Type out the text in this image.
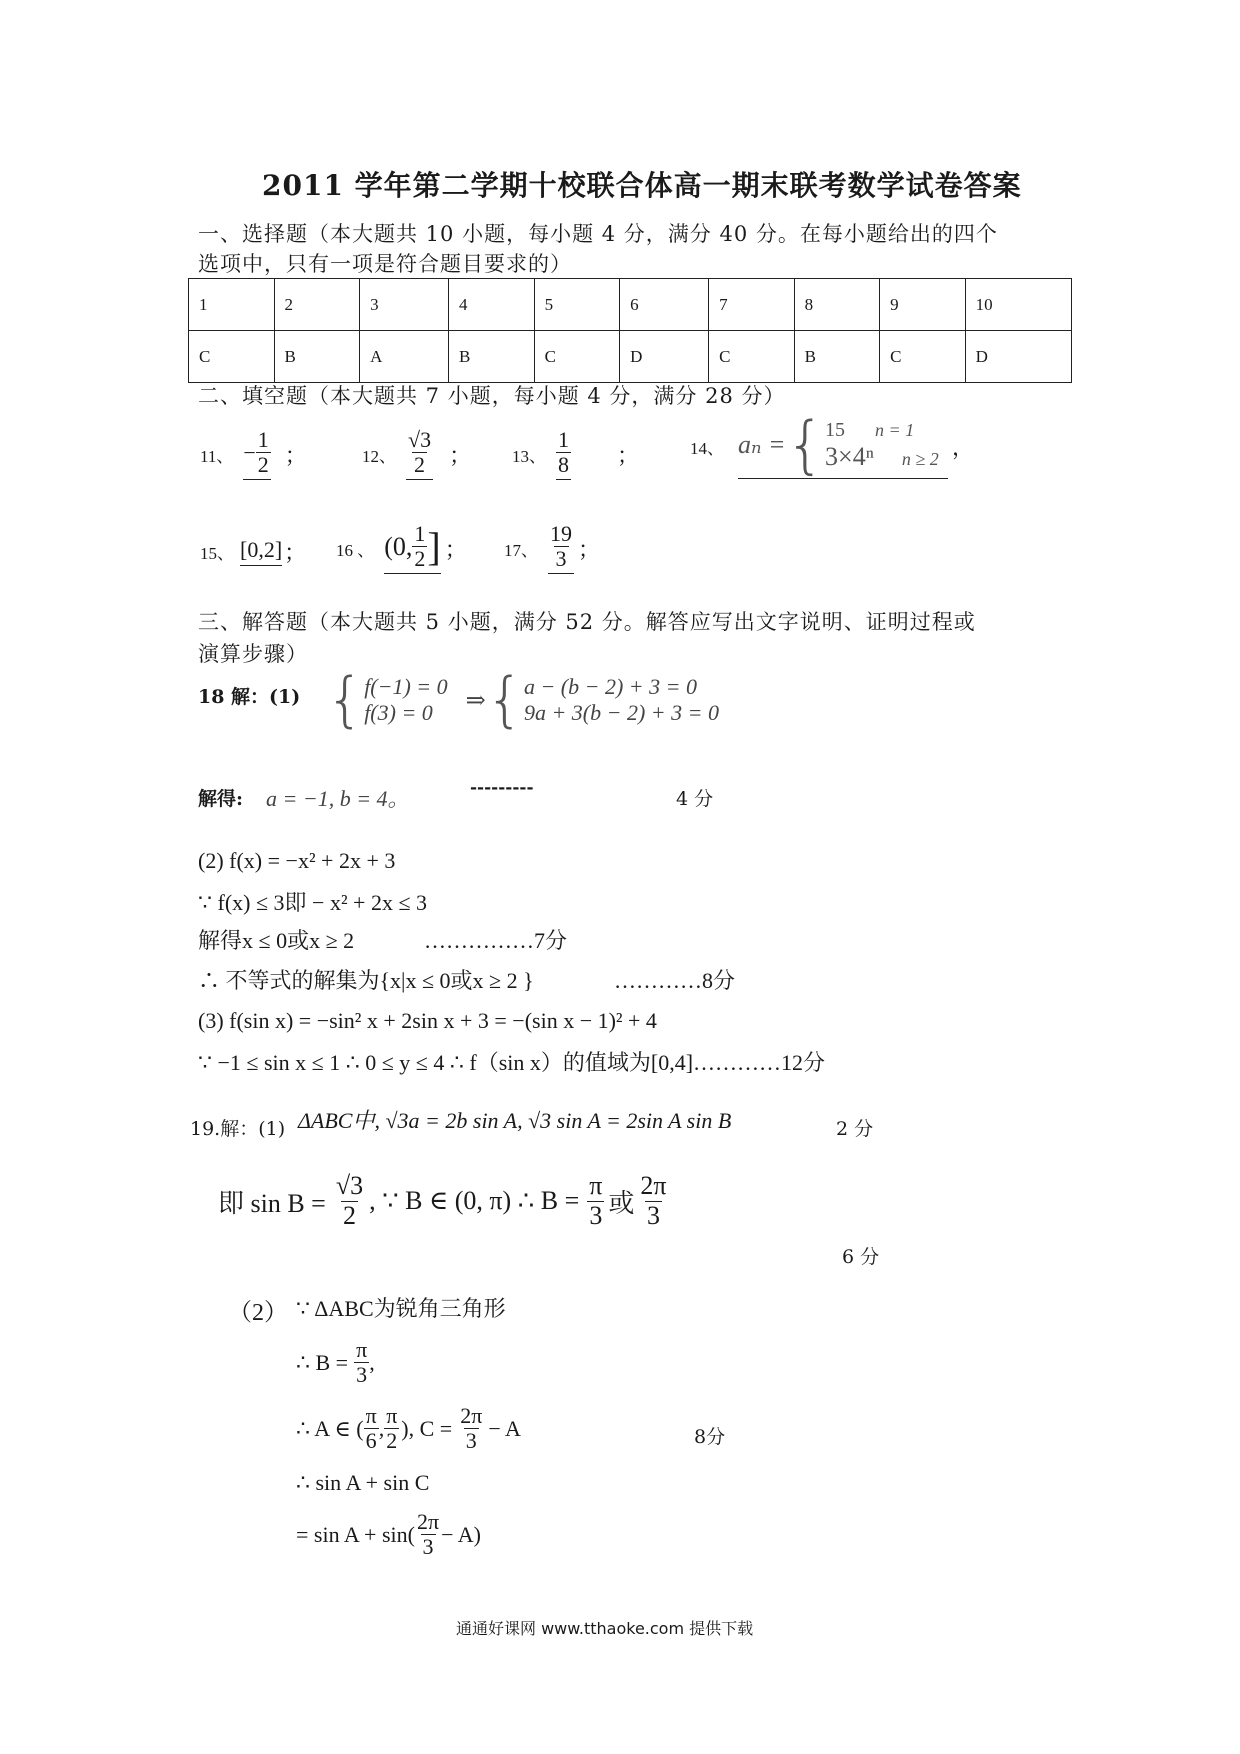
2011 学年第二学期十校联合体高一期末联考数学试卷答案
一、选择题（本大题共 10 小题，每小题 4 分，满分 40 分。在每小题给出的四个
选项中，只有一项是符合题目要求的）
1	2	3	4	5	6	7	8	9	10
C	B	A	B	C	D	C	B	C	D
二、填空题（本大题共 7 小题，每小题 4 分，满分 28 分）
11、 − $\frac{1}{2}$ ；	12、 $\frac{√3}{2}$ ； 13、 $\frac{1}{8}$ ；	14、 aₙ = { 15 n = 1
3×4ⁿ n ≥ 2 ，
15、 [0,2] ； 16 、 (0, $\frac{1}{2}$ ] ； 17、 $\frac{19}{3}$ ；
三、解答题（本大题共 5 小题，满分 52 分。解答应写出文字说明、证明过程或
演算步骤）
18 解：(1) { f(−1) = 0
f(3) = 0	⇒ { a − (b − 2) + 3 = 0
9a + 3(b − 2) + 3 = 0
解得: a = −1, b = 4。	---------	4 分
(2) f(x) = −x² + 2x + 3
∵ f(x) ≤ 3即 − x² + 2x ≤ 3
解得x ≤ 0或x ≥ 2	……………7分
∴ 不等式的解集为{x|x ≤ 0或x ≥ 2 }	…………8分
(3) f(sin x) = −sin² x + 2sin x + 3 = −(sin x − 1)² + 4
∵ −1 ≤ sin x ≤ 1 ∴ 0 ≤ y ≤ 4 ∴ f（sin x）的值域为[0,4]…………12分
19.解：(1) ΔABC中, √3a = 2b sin A, √3 sin A = 2sin A sin B	2 分
即 $\sin B = \frac{√3}{2}$ , ∵ B ∈ (0, π) ∴ $B = \frac{\pi}{3}$ 或 $\frac{2\pi}{3}$
6 分
（2） ∵ ΔABC为锐角三角形
∴ $B = \frac{\pi}{3}$ ,
∴ A ∈ ( $\frac{\pi}{6}$ , $\frac{\pi}{2}$ ), $C = \frac{2\pi}{3} - A$	8分
∴ sin A + sin C
= $\sin A + \sin( \frac{2\pi}{3} - A)$
通通好课网 www.tthaoke.com 提供下载
